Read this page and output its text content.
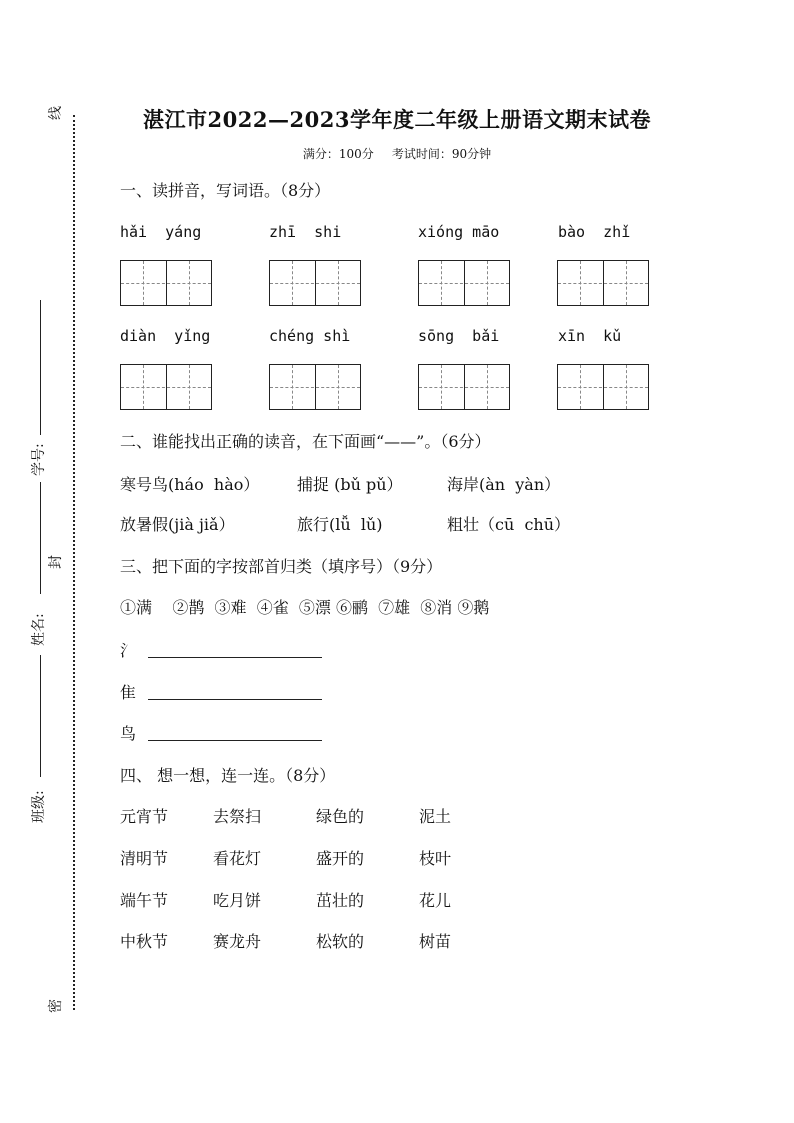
线
封
密
学号:
姓名:
班级:
湛江市2022—2023学年度二年级上册语文期末试卷
满分：100分 考试时间：90分钟
一、读拼音，写词语。（8分）
hǎi  yáng	zhī  shi	xióng māo	bào  zhǐ
diàn  yǐng	chéng shì	sōng  bǎi	xīn  kǔ
二、谁能找出正确的读音，在下面画“——”。（6分）
寒号鸟(háo  hào） 捕捉 (bǔ pǔ）	海岸(àn  yàn）
放暑假(jià jiǎ）	旅行(lǚ  lǔ)	粗壮（cū  chū）
三、把下面的字按部首归类（填序号）（9分）
①满    ②鹊  ③难  ④雀  ⑤漂 ⑥鹂  ⑦雄  ⑧消 ⑨鹅
氵
隹
鸟
四、 想一想，连一连。（8分）
元宵节	去祭扫	绿色的	泥土
清明节	看花灯	盛开的	枝叶
端午节	吃月饼	茁壮的	花儿
中秋节	赛龙舟	松软的	树苗
